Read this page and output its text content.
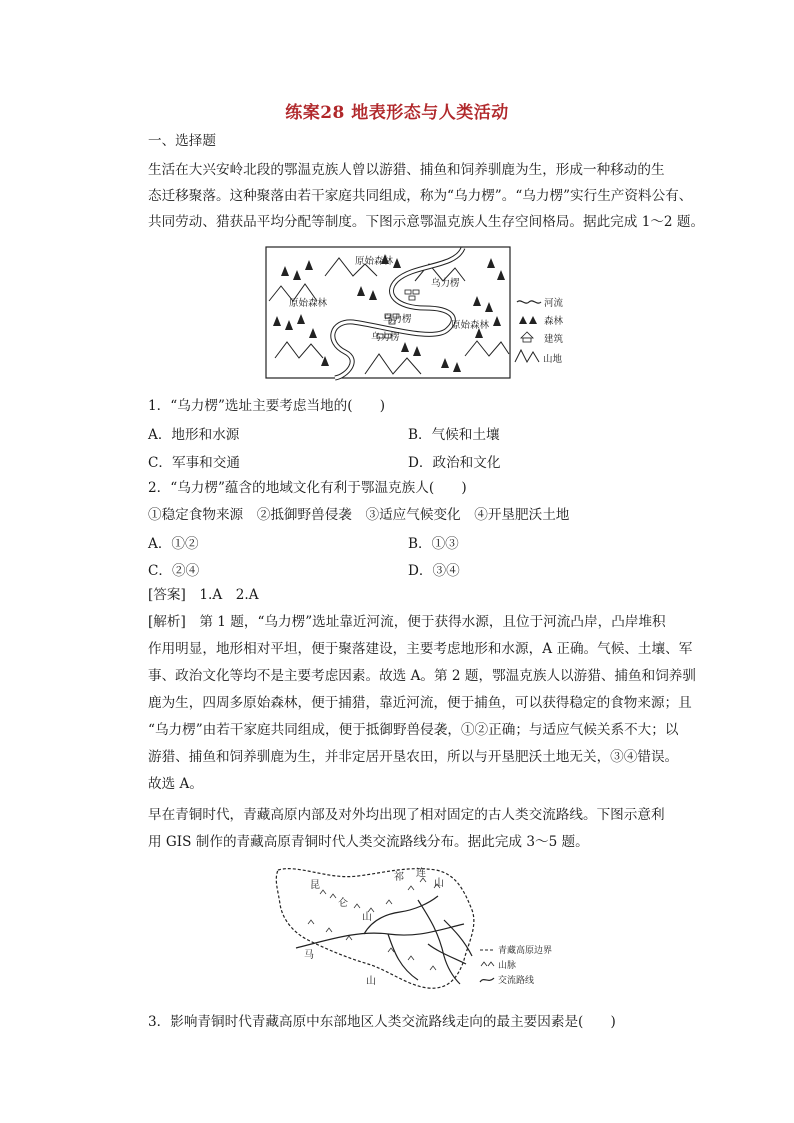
练案28 地表形态与人类活动
一、选择题
生活在大兴安岭北段的鄂温克族人曾以游猎、捕鱼和饲养驯鹿为生，形成一种移动的生
态迁移聚落。这种聚落由若干家庭共同组成，称为“乌力楞”。“乌力楞”实行生产资料公有、
共同劳动、猎获品平均分配等制度。下图示意鄂温克族人生存空间格局。据此完成 1～2 题。
原始森林
原始森林
原始森林
乌力楞
乌力楞
乌力楞
河流
森林
建筑
山地
1．“乌力楞”选址主要考虑当地的(　　)
A．地形和水源	B．气候和土壤
C．军事和交通	D．政治和文化
2．“乌力楞”蕴含的地域文化有利于鄂温克族人(　　)
①稳定食物来源　②抵御野兽侵袭　③适应气候变化　④开垦肥沃土地
A．①②	B．①③
C．②④	D．③④
[答案]　1.A　2.A
[解析]　第 1 题，“乌力楞”选址靠近河流，便于获得水源，且位于河流凸岸，凸岸堆积
作用明显，地形相对平坦，便于聚落建设，主要考虑地形和水源，A 正确。气候、土壤、军
事、政治文化等均不是主要考虑因素。故选 A。第 2 题，鄂温克族人以游猎、捕鱼和饲养驯
鹿为生，四周多原始森林，便于捕猎，靠近河流，便于捕鱼，可以获得稳定的食物来源；且
“乌力楞”由若干家庭共同组成，便于抵御野兽侵袭，①②正确；与适应气候关系不大；以
游猎、捕鱼和饲养驯鹿为生，并非定居开垦农田，所以与开垦肥沃土地无关，③④错误。
故选 A。
早在青铜时代，青藏高原内部及对外均出现了相对固定的古人类交流路线。下图示意利
用 GIS 制作的青藏高原青铜时代人类交流路线分布。据此完成 3～5 题。
昆
仑
山
祁 连
山
马
山
青藏高原边界
山脉
交流路线
3．影响青铜时代青藏高原中东部地区人类交流路线走向的最主要因素是(　　)
